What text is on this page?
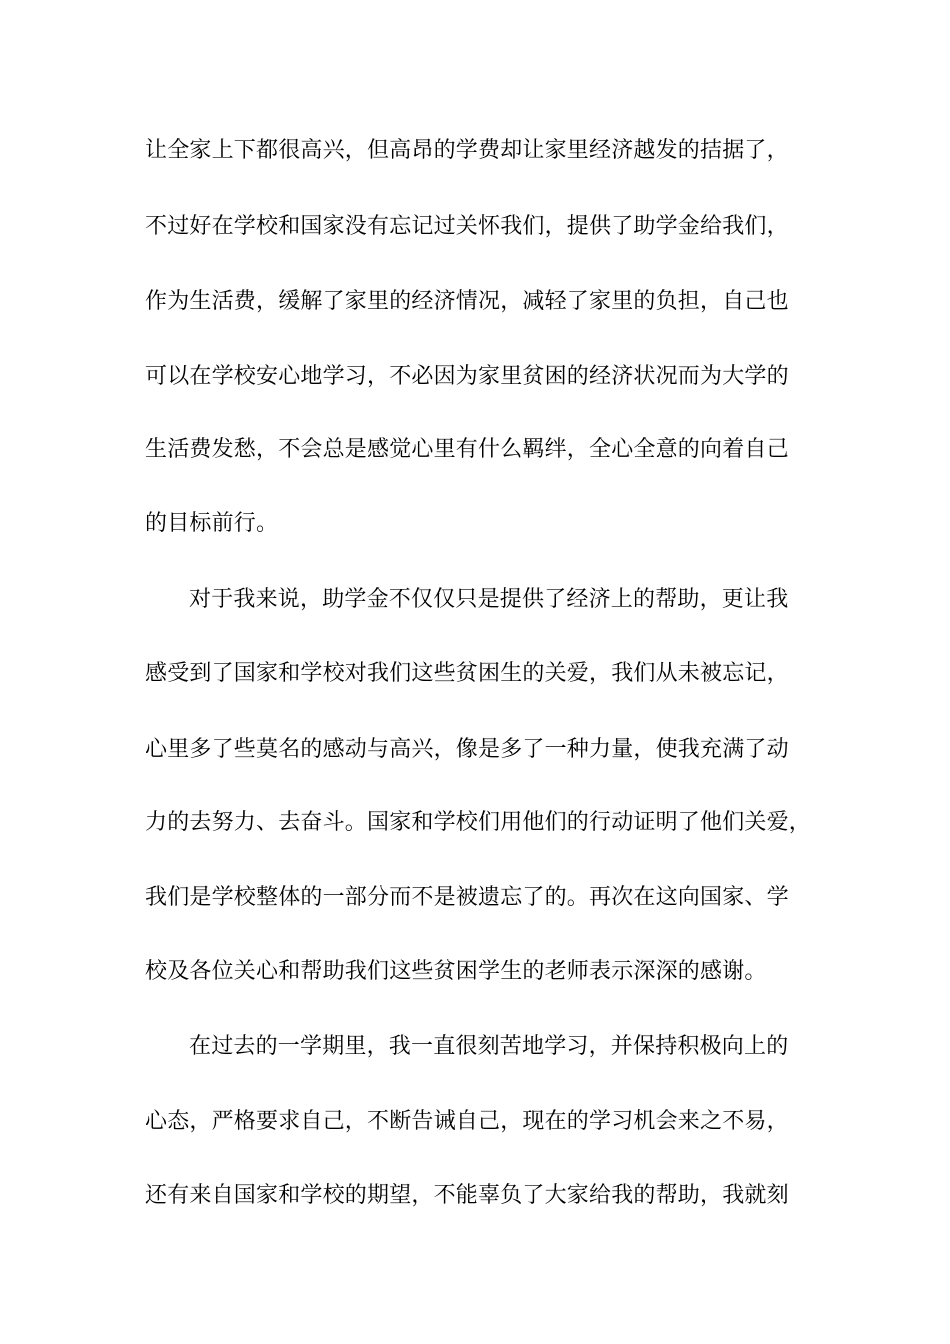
让全家上下都很高兴，但高昂的学费却让家里经济越发的拮据了，
不过好在学校和国家没有忘记过关怀我们，提供了助学金给我们，
作为生活费，缓解了家里的经济情况，减轻了家里的负担，自己也
可以在学校安心地学习，不必因为家里贫困的经济状况而为大学的
生活费发愁，不会总是感觉心里有什么羁绊，全心全意的向着自己
的目标前行。
对于我来说，助学金不仅仅只是提供了经济上的帮助，更让我
感受到了国家和学校对我们这些贫困生的关爱，我们从未被忘记，
心里多了些莫名的感动与高兴，像是多了一种力量，使我充满了动
力的去努力、去奋斗。国家和学校们用他们的行动证明了他们关爱，
我们是学校整体的一部分而不是被遗忘了的。再次在这向国家、学
校及各位关心和帮助我们这些贫困学生的老师表示深深的感谢。
在过去的一学期里，我一直很刻苦地学习，并保持积极向上的
心态，严格要求自己，不断告诫自己，现在的学习机会来之不易，
还有来自国家和学校的期望，不能辜负了大家给我的帮助，我就刻
